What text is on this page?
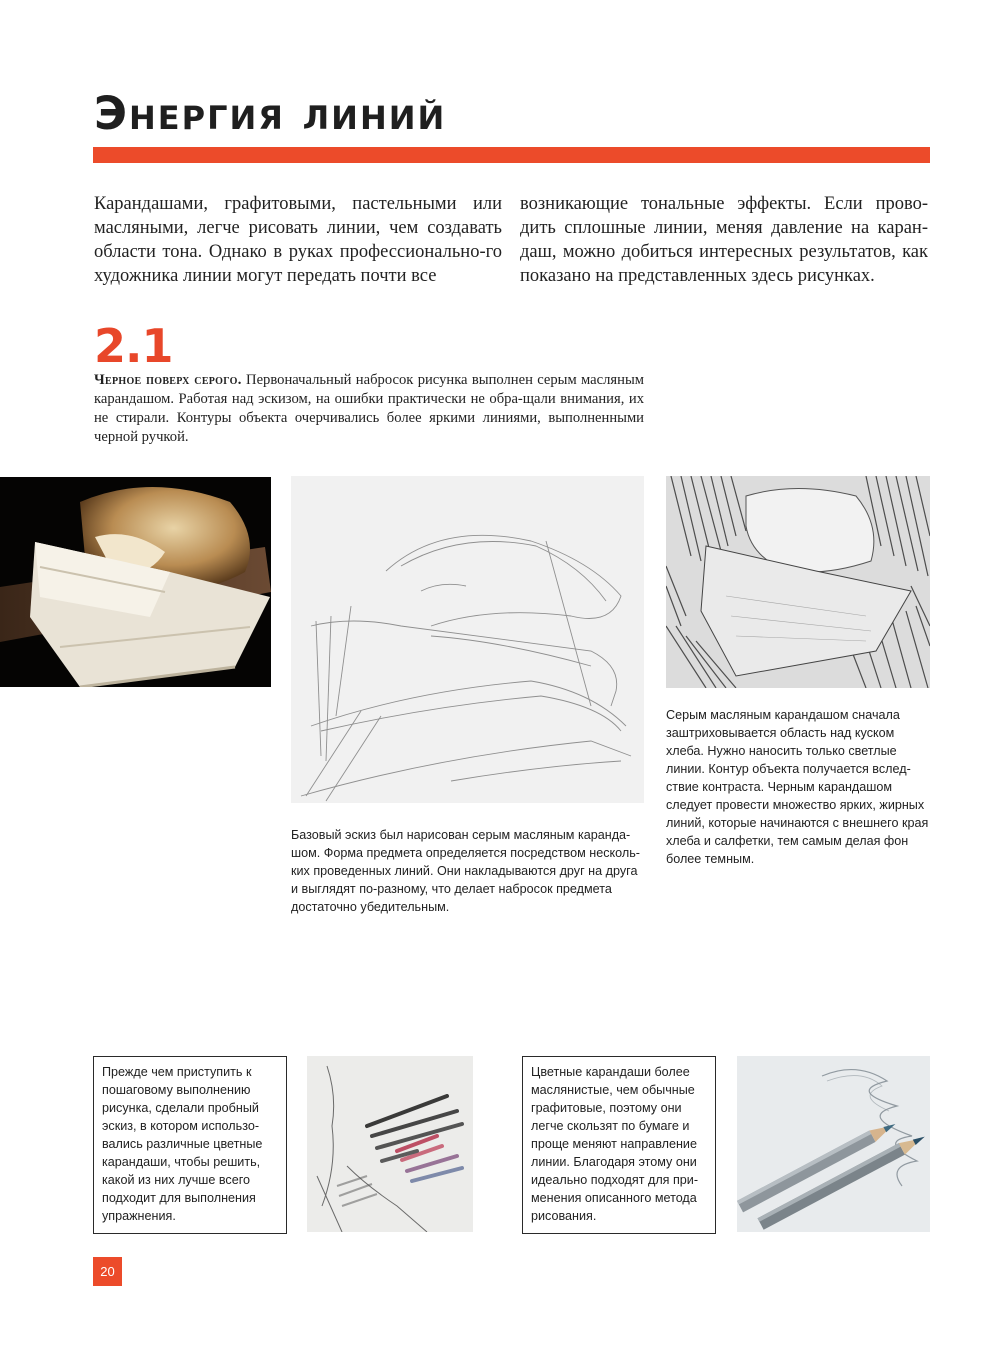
Энергия линий

Карандашами, графитовыми, пастельными или масляными, легче рисовать линии, чем создавать области тона. Однако в руках профессионально-го художника линии могут передать почти все

возникающие тональные эффекты. Если прово-дить сплошные линии, меняя давление на каран-даш, можно добиться интересных результатов, как показано на представленных здесь рисунках.

2.1

Черное поверх серого. Первоначальный набросок рисунка выполнен серым масляным карандашом. Работая над эскизом, на ошибки практически не обра-щали внимания, их не стирали. Контуры объекта очерчивались более яркими линиями, выполненными черной ручкой.

Базовый эскиз был нарисован серым масляным каранда-шом. Форма предмета определяется посредством несколь-ких проведенных линий. Они накладываются друг на друга и выглядят по-разному, что делает набросок предмета достаточно убедительным.

Серым масляным карандашом сначала заштриховывается область над куском хлеба. Нужно наносить только светлые линии. Контур объекта получается вслед-ствие контраста. Черным карандашом следует провести множество ярких, жирных линий, которые начинаются с внешнего края хлеба и салфетки, тем самым делая фон более темным.

Прежде чем приступить к пошаговому выполнению рисунка, сделали пробный эскиз, в котором использо-вались различные цветные карандаши, чтобы решить, какой из них лучше всего подходит для выполнения упражнения.

Цветные карандаши более маслянистые, чем обычные графитовые, поэтому они легче скользят по бумаге и проще меняют направление линии. Благодаря этому они идеально подходят для при-менения описанного метода рисования.

20
